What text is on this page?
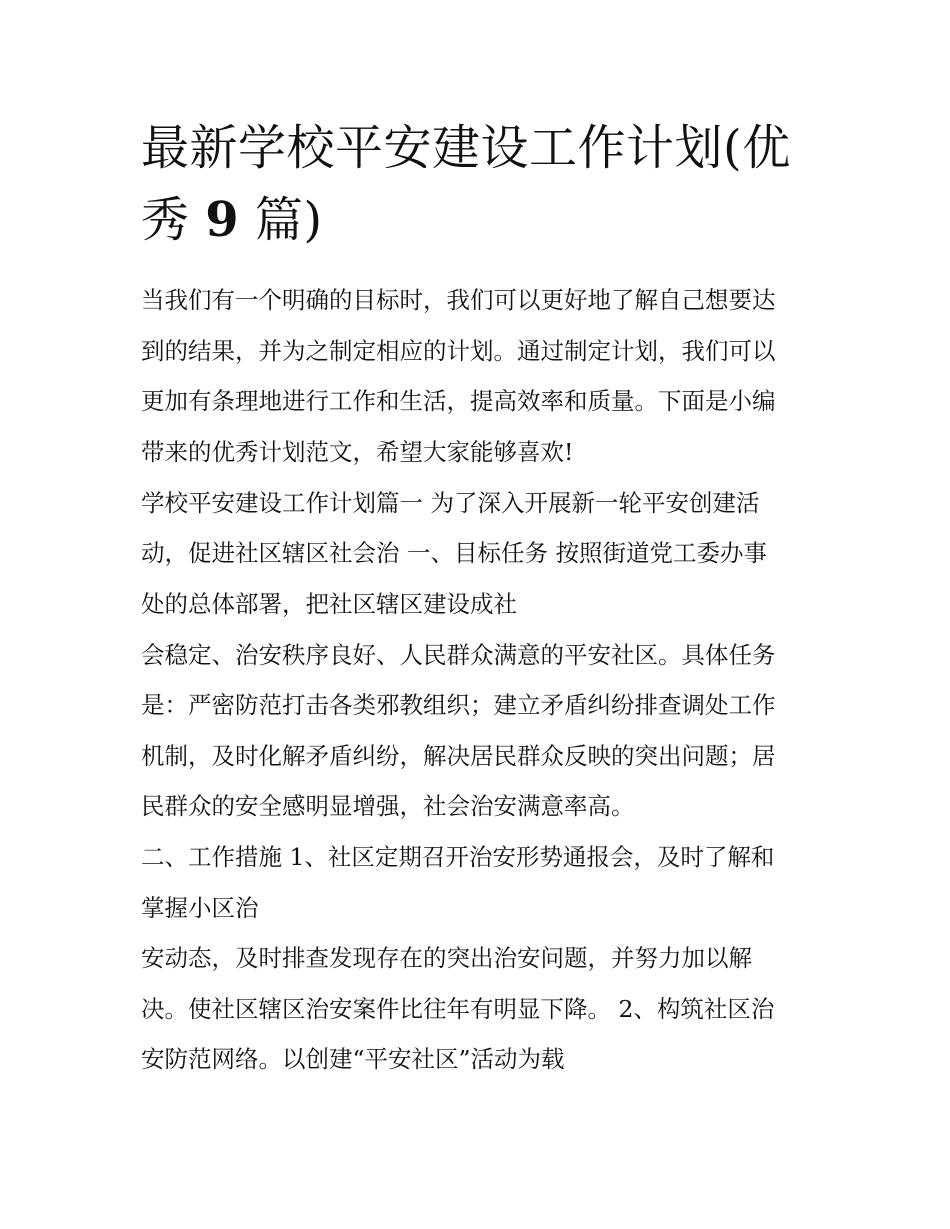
最新学校平安建设工作计划(优
秀 9 篇)

当我们有一个明确的目标时，我们可以更好地了解自己想要达

到的结果，并为之制定相应的计划。通过制定计划，我们可以

更加有条理地进行工作和生活，提高效率和质量。下面是小编

带来的优秀计划范文，希望大家能够喜欢!

学校平安建设工作计划篇一 为了深入开展新一轮平安创建活

动，促进社区辖区社会治 一、目标任务 按照街道党工委办事

处的总体部署，把社区辖区建设成社

会稳定、治安秩序良好、人民群众满意的平安社区。具体任务

是：严密防范打击各类邪教组织；建立矛盾纠纷排查调处工作

机制，及时化解矛盾纠纷，解决居民群众反映的突出问题；居

民群众的安全感明显增强，社会治安满意率高。

二、工作措施 1、社区定期召开治安形势通报会，及时了解和

掌握小区治

安动态，及时排查发现存在的突出治安问题，并努力加以解

决。使社区辖区治安案件比往年有明显下降。 2、构筑社区治

安防范网络。以创建“平安社区”活动为载
